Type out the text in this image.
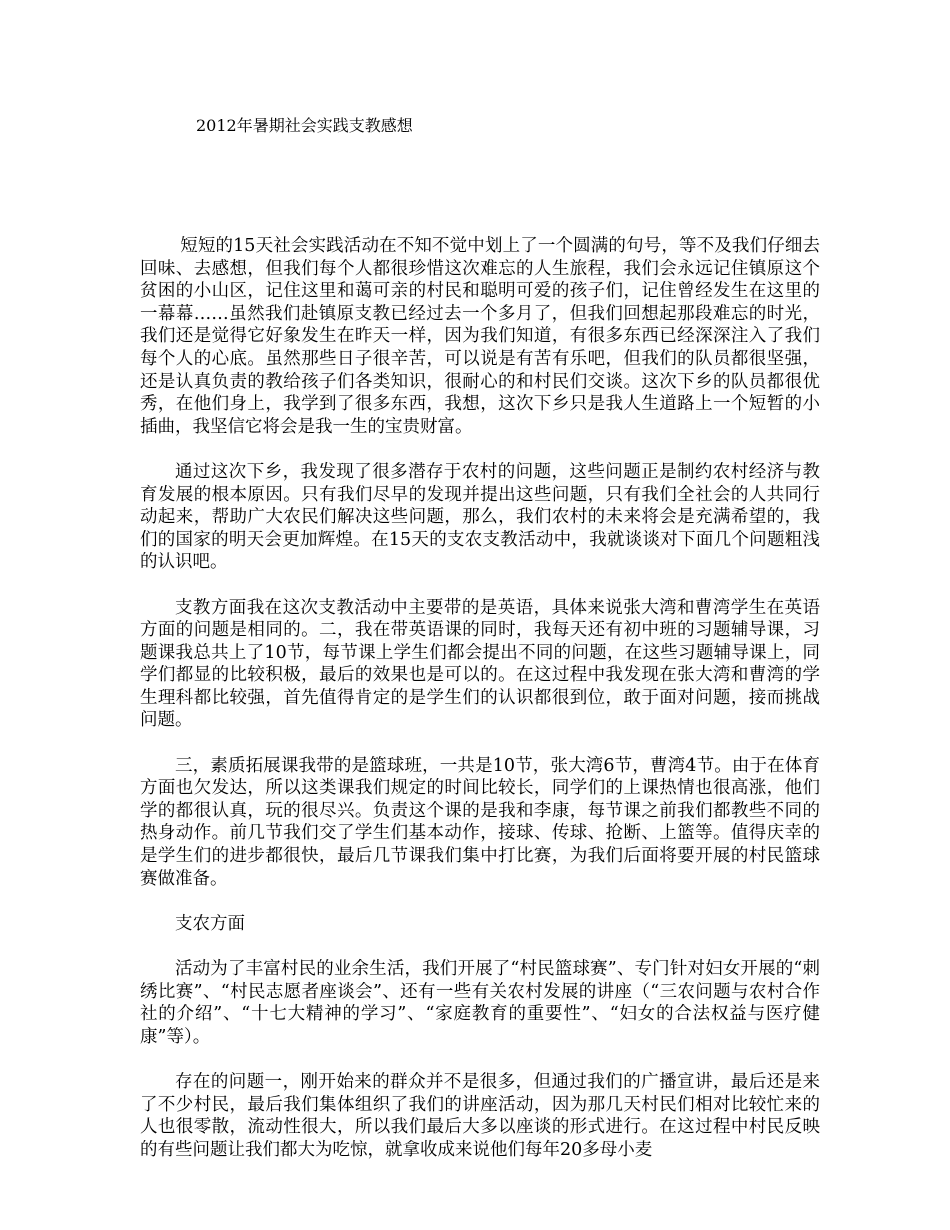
2012年暑期社会实践支教感想

短短的15天社会实践活动在不知不觉中划上了一个圆满的句号，等不及我们仔细去回味、去感想，但我们每个人都很珍惜这次难忘的人生旅程，我们会永远记住镇原这个贫困的小山区，记住这里和蔼可亲的村民和聪明可爱的孩子们，记住曾经发生在这里的一幕幕……虽然我们赴镇原支教已经过去一个多月了，但我们回想起那段难忘的时光，我们还是觉得它好象发生在昨天一样，因为我们知道，有很多东西已经深深注入了我们每个人的心底。虽然那些日子很辛苦，可以说是有苦有乐吧，但我们的队员都很坚强，还是认真负责的教给孩子们各类知识，很耐心的和村民们交谈。这次下乡的队员都很优秀，在他们身上，我学到了很多东西，我想，这次下乡只是我人生道路上一个短暂的小插曲，我坚信它将会是我一生的宝贵财富。

通过这次下乡，我发现了很多潜存于农村的问题，这些问题正是制约农村经济与教育发展的根本原因。只有我们尽早的发现并提出这些问题，只有我们全社会的人共同行动起来，帮助广大农民们解决这些问题，那么，我们农村的未来将会是充满希望的，我们的国家的明天会更加辉煌。在15天的支农支教活动中，我就谈谈对下面几个问题粗浅的认识吧。

支教方面我在这次支教活动中主要带的是英语，具体来说张大湾和曹湾学生在英语方面的问题是相同的。二，我在带英语课的同时，我每天还有初中班的习题辅导课，习题课我总共上了10节，每节课上学生们都会提出不同的问题，在这些习题辅导课上，同学们都显的比较积极，最后的效果也是可以的。在这过程中我发现在张大湾和曹湾的学生理科都比较强，首先值得肯定的是学生们的认识都很到位，敢于面对问题，接而挑战问题。

三，素质拓展课我带的是篮球班，一共是10节，张大湾6节，曹湾4节。由于在体育方面也欠发达，所以这类课我们规定的时间比较长，同学们的上课热情也很高涨，他们学的都很认真，玩的很尽兴。负责这个课的是我和李康，每节课之前我们都教些不同的热身动作。前几节我们交了学生们基本动作，接球、传球、抢断、上篮等。值得庆幸的是学生们的进步都很快，最后几节课我们集中打比赛，为我们后面将要开展的村民篮球赛做准备。

支农方面

活动为了丰富村民的业余生活，我们开展了“村民篮球赛”、专门针对妇女开展的“刺绣比赛”、“村民志愿者座谈会”、还有一些有关农村发展的讲座（“三农问题与农村合作社的介绍”、“十七大精神的学习”、“家庭教育的重要性”、“妇女的合法权益与医疗健康”等）。

存在的问题一，刚开始来的群众并不是很多，但通过我们的广播宣讲，最后还是来了不少村民，最后我们集体组织了我们的讲座活动，因为那几天村民们相对比较忙来的人也很零散，流动性很大，所以我们最后大多以座谈的形式进行。在这过程中村民反映的有些问题让我们都大为吃惊，就拿收成来说他们每年20多母小麦
